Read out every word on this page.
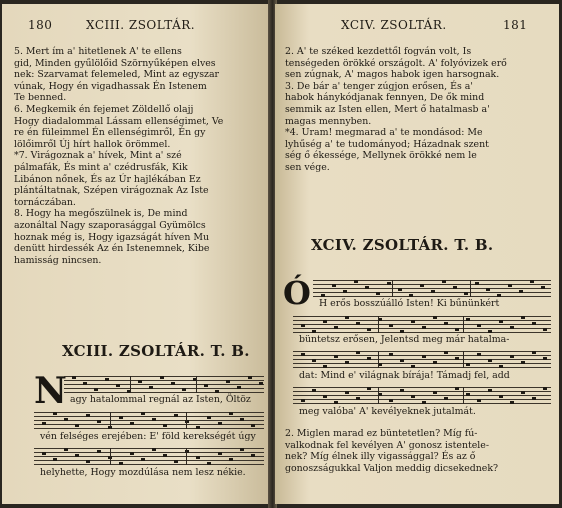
180	XCIII. ZSOLTÁR.
5. Mert ím a' hitetlenek A' te ellens
gid, Minden gyűlölőid Szörnyűképen elves
nek: Szarvamat felemeled, Mint az egyszar
vúnak, Hogy én vigadhassak Én Istenem
Te benned.
6. Megkemik én fejemet Zöldellő olajj
Hogy diadalommal Lássam ellenségimet, Ve
re én füleimmel Én ellenségimről, Én gy
lölőimről Új hírt hallok örömmel.
*7. Virágoznak a' hívek, Mint a' szé
pálmafák, És mint a' czédrusfák, Kik
Libánon nőnek, És az Úr hajlékában Ez
plántáltatnak, Szépen virágoznak Az Iste
tornáczában.
8. Hogy ha megőszülnek is, De mind
azonáltal Nagy szaporasággal Gyümölcs
hoznak még is, Hogy igazságát híven Mu
denütt hirdessék Az én Istenemnek, Kibe
hamisság nincsen.
XCIII. ZSOLTÁR. T. B.
N agy hatalommal regnál az Isten, Öltöz
vén felséges erejében: E' föld kerekségét úgy
helyhette, Hogy mozdúlása nem lesz nékie.
XCIV. ZSOLTÁR.	181
2. A' te széked kezdettől fogván volt, Is
tenségeden örökké országolt. A' folyóvizek erő
sen zúgnak, A' magos habok igen harsognak.
3. De bár a' tenger zúgjon erősen, És a'
habok hánykódjanak fennyen, De ők mind
semmik az Isten ellen, Mert ő hatalmasb a'
magas mennyben.
*4. Uram! megmarad a' te mondásod: Me
lyhűség a' te tudományod; Házadnak szent
ség ő ékessége, Mellynek örökké nem le
sen vége.
XCIV. ZSOLTÁR. T. B.
Ó H erős bosszúálló Isten! Ki bűnünkért
büntetsz erősen, Jelentsd meg már hatalma-
dat: Mind e' világnak bírája! Támadj fel, add
meg valóba' A' kevélyeknek jutalmát.
2. Miglen marad ez büntetetlen? Míg fú-
valkodnak fel kevélyen A' gonosz istentele-
nek? Míg élnek illy vigassággal? És az ő
gonoszságukkal Valjon meddig dicsekednek?
